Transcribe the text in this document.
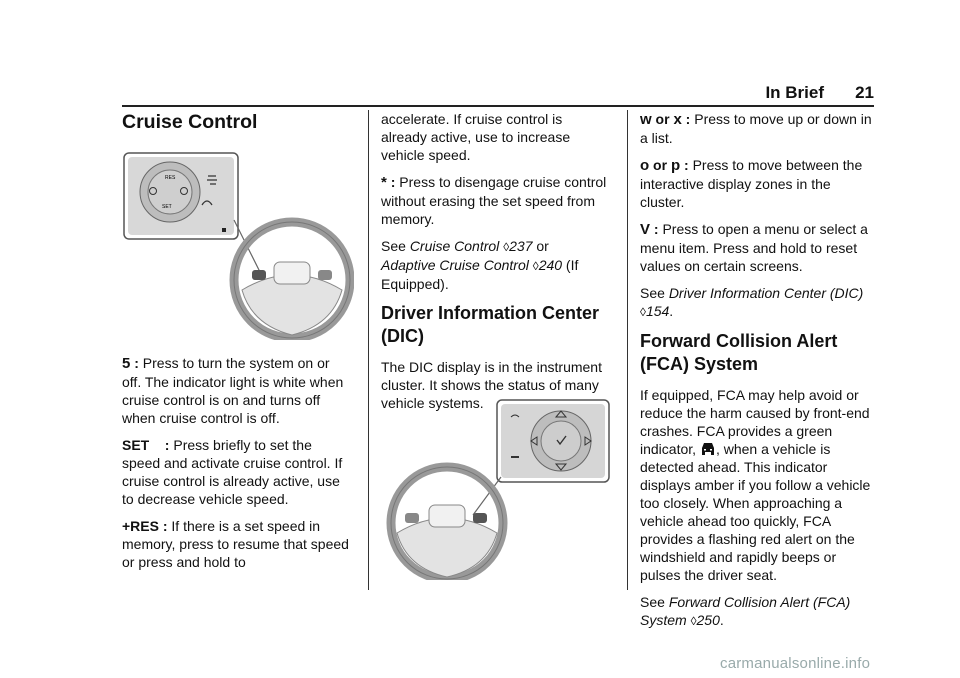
In Brief 21
Cruise Control
RES
SET

5 : Press to turn the system on or off. The indicator light is white when cruise control is on and turns off when cruise control is off.

SET    : Press briefly to set the speed and activate cruise control. If cruise control is already active, use to decrease vehicle speed.

+RES : If there is a set speed in memory, press to resume that speed or press and hold to

accelerate. If cruise control is already active, use to increase vehicle speed.

* : Press to disengage cruise control without erasing the set speed from memory.

See Cruise Control ◊237 or
Adaptive Cruise Control ◊240 (If Equipped).

Driver Information Center (DIC)

The DIC display is in the instrument cluster. It shows the status of many vehicle systems.

w or x : Press to move up or down in a list.

o or p : Press to move between the interactive display zones in the cluster.

V : Press to open a menu or select a menu item. Press and hold to reset values on certain screens.

See Driver Information Center (DIC)
◊154.

Forward Collision Alert (FCA) System

If equipped, FCA may help avoid or reduce the harm caused by front-end crashes. FCA provides a green indicator, , when a vehicle is detected ahead. This indicator displays amber if you follow a vehicle too closely. When approaching a vehicle ahead too quickly, FCA provides a flashing red alert on the windshield and rapidly beeps or pulses the driver seat.

See Forward Collision Alert (FCA) System ◊250.

carmanualsonline.info
